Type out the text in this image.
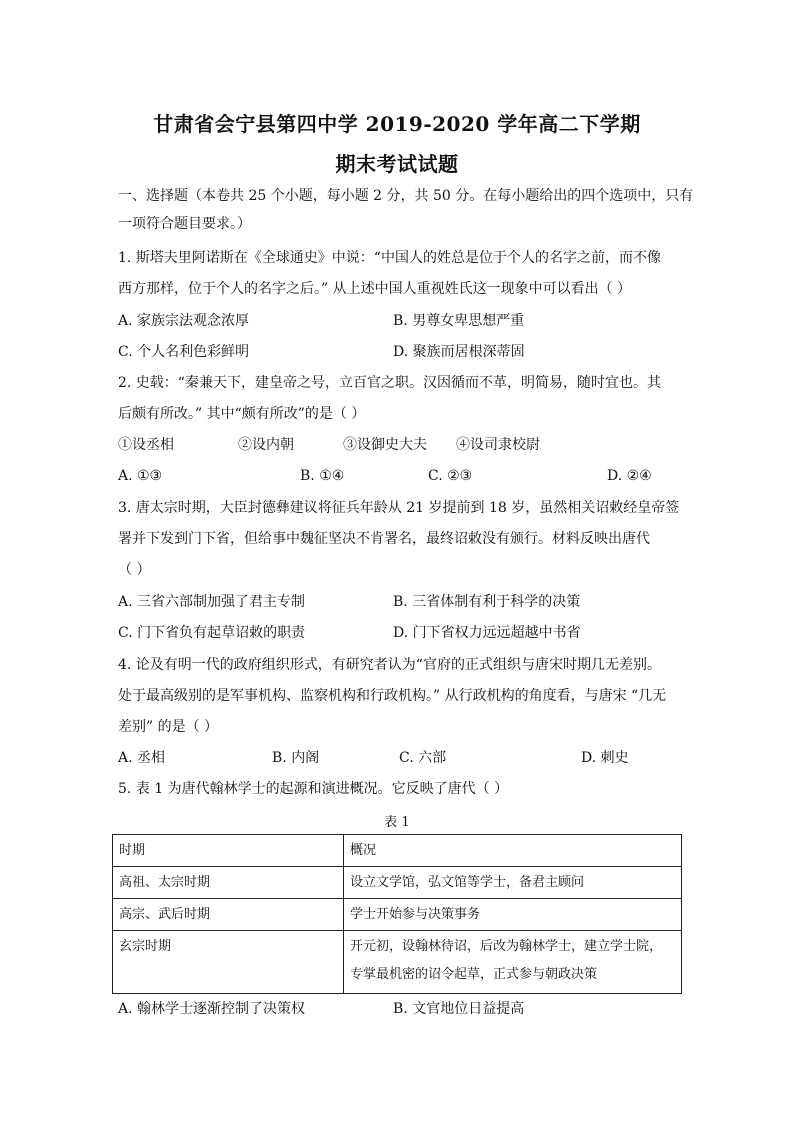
甘肃省会宁县第四中学 2019-2020 学年高二下学期
期末考试试题
一、选择题（本卷共 25 个小题，每小题 2 分，共 50 分。在每小题给出的四个选项中，只有
一项符合题目要求。）
1. 斯塔夫里阿诺斯在《全球通史》中说：“中国人的姓总是位于个人的名字之前，而不像
西方那样，位于个人的名字之后。” 从上述中国人重视姓氏这一现象中可以看出（ ）
A. 家族宗法观念浓厚	B. 男尊女卑思想严重
C. 个人名利色彩鲜明	D. 聚族而居根深蒂固
2. 史载：“秦兼天下，建皇帝之号，立百官之职。汉因循而不革，明简易，随时宜也。其
后颇有所改。” 其中“颇有所改”的是（ ）
①设丞相	②设内朝	③设御史大夫 ④设司隶校尉
A. ①③	B. ①④	C. ②③	D. ②④
3. 唐太宗时期，大臣封德彝建议将征兵年龄从 21 岁提前到 18 岁，虽然相关诏敕经皇帝签
署并下发到门下省，但给事中魏征坚决不肯署名，最终诏敕没有颁行。材料反映出唐代
（ ）
A. 三省六部制加强了君主专制	B. 三省体制有利于科学的决策
C. 门下省负有起草诏敕的职责	D. 门下省权力远远超越中书省
4. 论及有明一代的政府组织形式，有研究者认为“官府的正式组织与唐宋时期几无差别。
处于最高级别的是军事机构、监察机构和行政机构。” 从行政机构的角度看，与唐宋 “几无
差别” 的是（ ）
A. 丞相	B. 内阁	C. 六部	D. 刺史
5. 表 1 为唐代翰林学士的起源和演进概况。它反映了唐代（ ）
表 1
时期	概况
高祖、太宗时期	设立文学馆，弘文馆等学士，备君主顾问
高宗、武后时期	学士开始参与决策事务
玄宗时期	开元初，设翰林待诏，后改为翰林学士，建立学士院，
专掌最机密的诏令起草，正式参与朝政决策
A. 翰林学士逐渐控制了决策权	B. 文官地位日益提高
